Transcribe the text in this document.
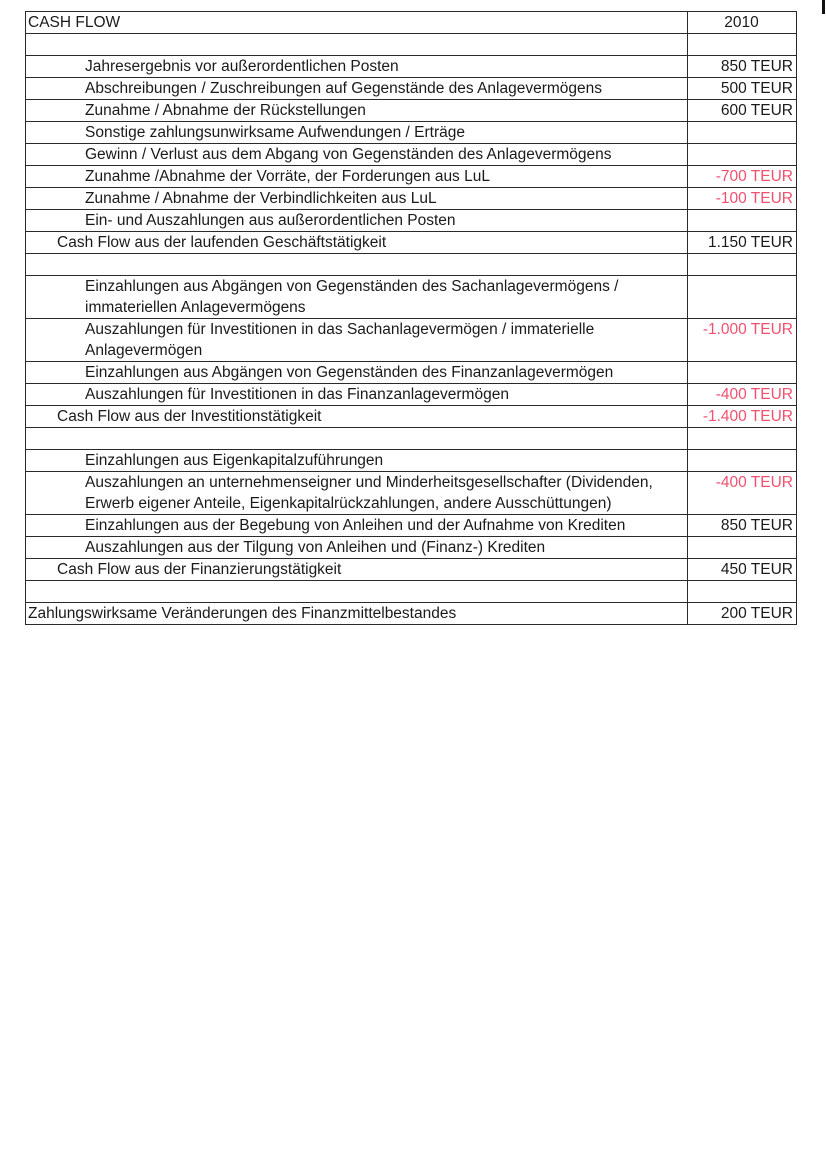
CASH FLOW	2010

Jahresergebnis vor außerordentlichen Posten	850 TEUR
Abschreibungen / Zuschreibungen auf Gegenstände des Anlagevermögens	500 TEUR
Zunahme / Abnahme der Rückstellungen	600 TEUR
Sonstige zahlungsunwirksame Aufwendungen / Erträge	
Gewinn / Verlust aus dem Abgang von Gegenständen des Anlagevermögens	
Zunahme /Abnahme der Vorräte, der Forderungen aus LuL	-700 TEUR
Zunahme / Abnahme der Verbindlichkeiten aus LuL	-100 TEUR
Ein- und Auszahlungen aus außerordentlichen Posten	
Cash Flow aus der laufenden Geschäftstätigkeit	1.150 TEUR

Einzahlungen aus Abgängen von Gegenständen des Sachanlagevermögens / immateriellen Anlagevermögens	
Auszahlungen für Investitionen in das Sachanlagevermögen / immaterielle Anlagevermögen	-1.000 TEUR
Einzahlungen aus Abgängen von Gegenständen des Finanzanlagevermögen	
Auszahlungen für Investitionen in das Finanzanlagevermögen	-400 TEUR
Cash Flow aus der Investitionstätigkeit	-1.400 TEUR

Einzahlungen aus Eigenkapitalzuführungen	
Auszahlungen an unternehmenseigner und Minderheitsgesellschafter (Dividenden, Erwerb eigener Anteile, Eigenkapitalrückzahlungen, andere Ausschüttungen)	-400 TEUR
Einzahlungen aus der Begebung von Anleihen und der Aufnahme von Krediten	850 TEUR
Auszahlungen aus der Tilgung von Anleihen und (Finanz-) Krediten	
Cash Flow aus der Finanzierungstätigkeit	450 TEUR

Zahlungswirksame Veränderungen des Finanzmittelbestandes	200 TEUR
